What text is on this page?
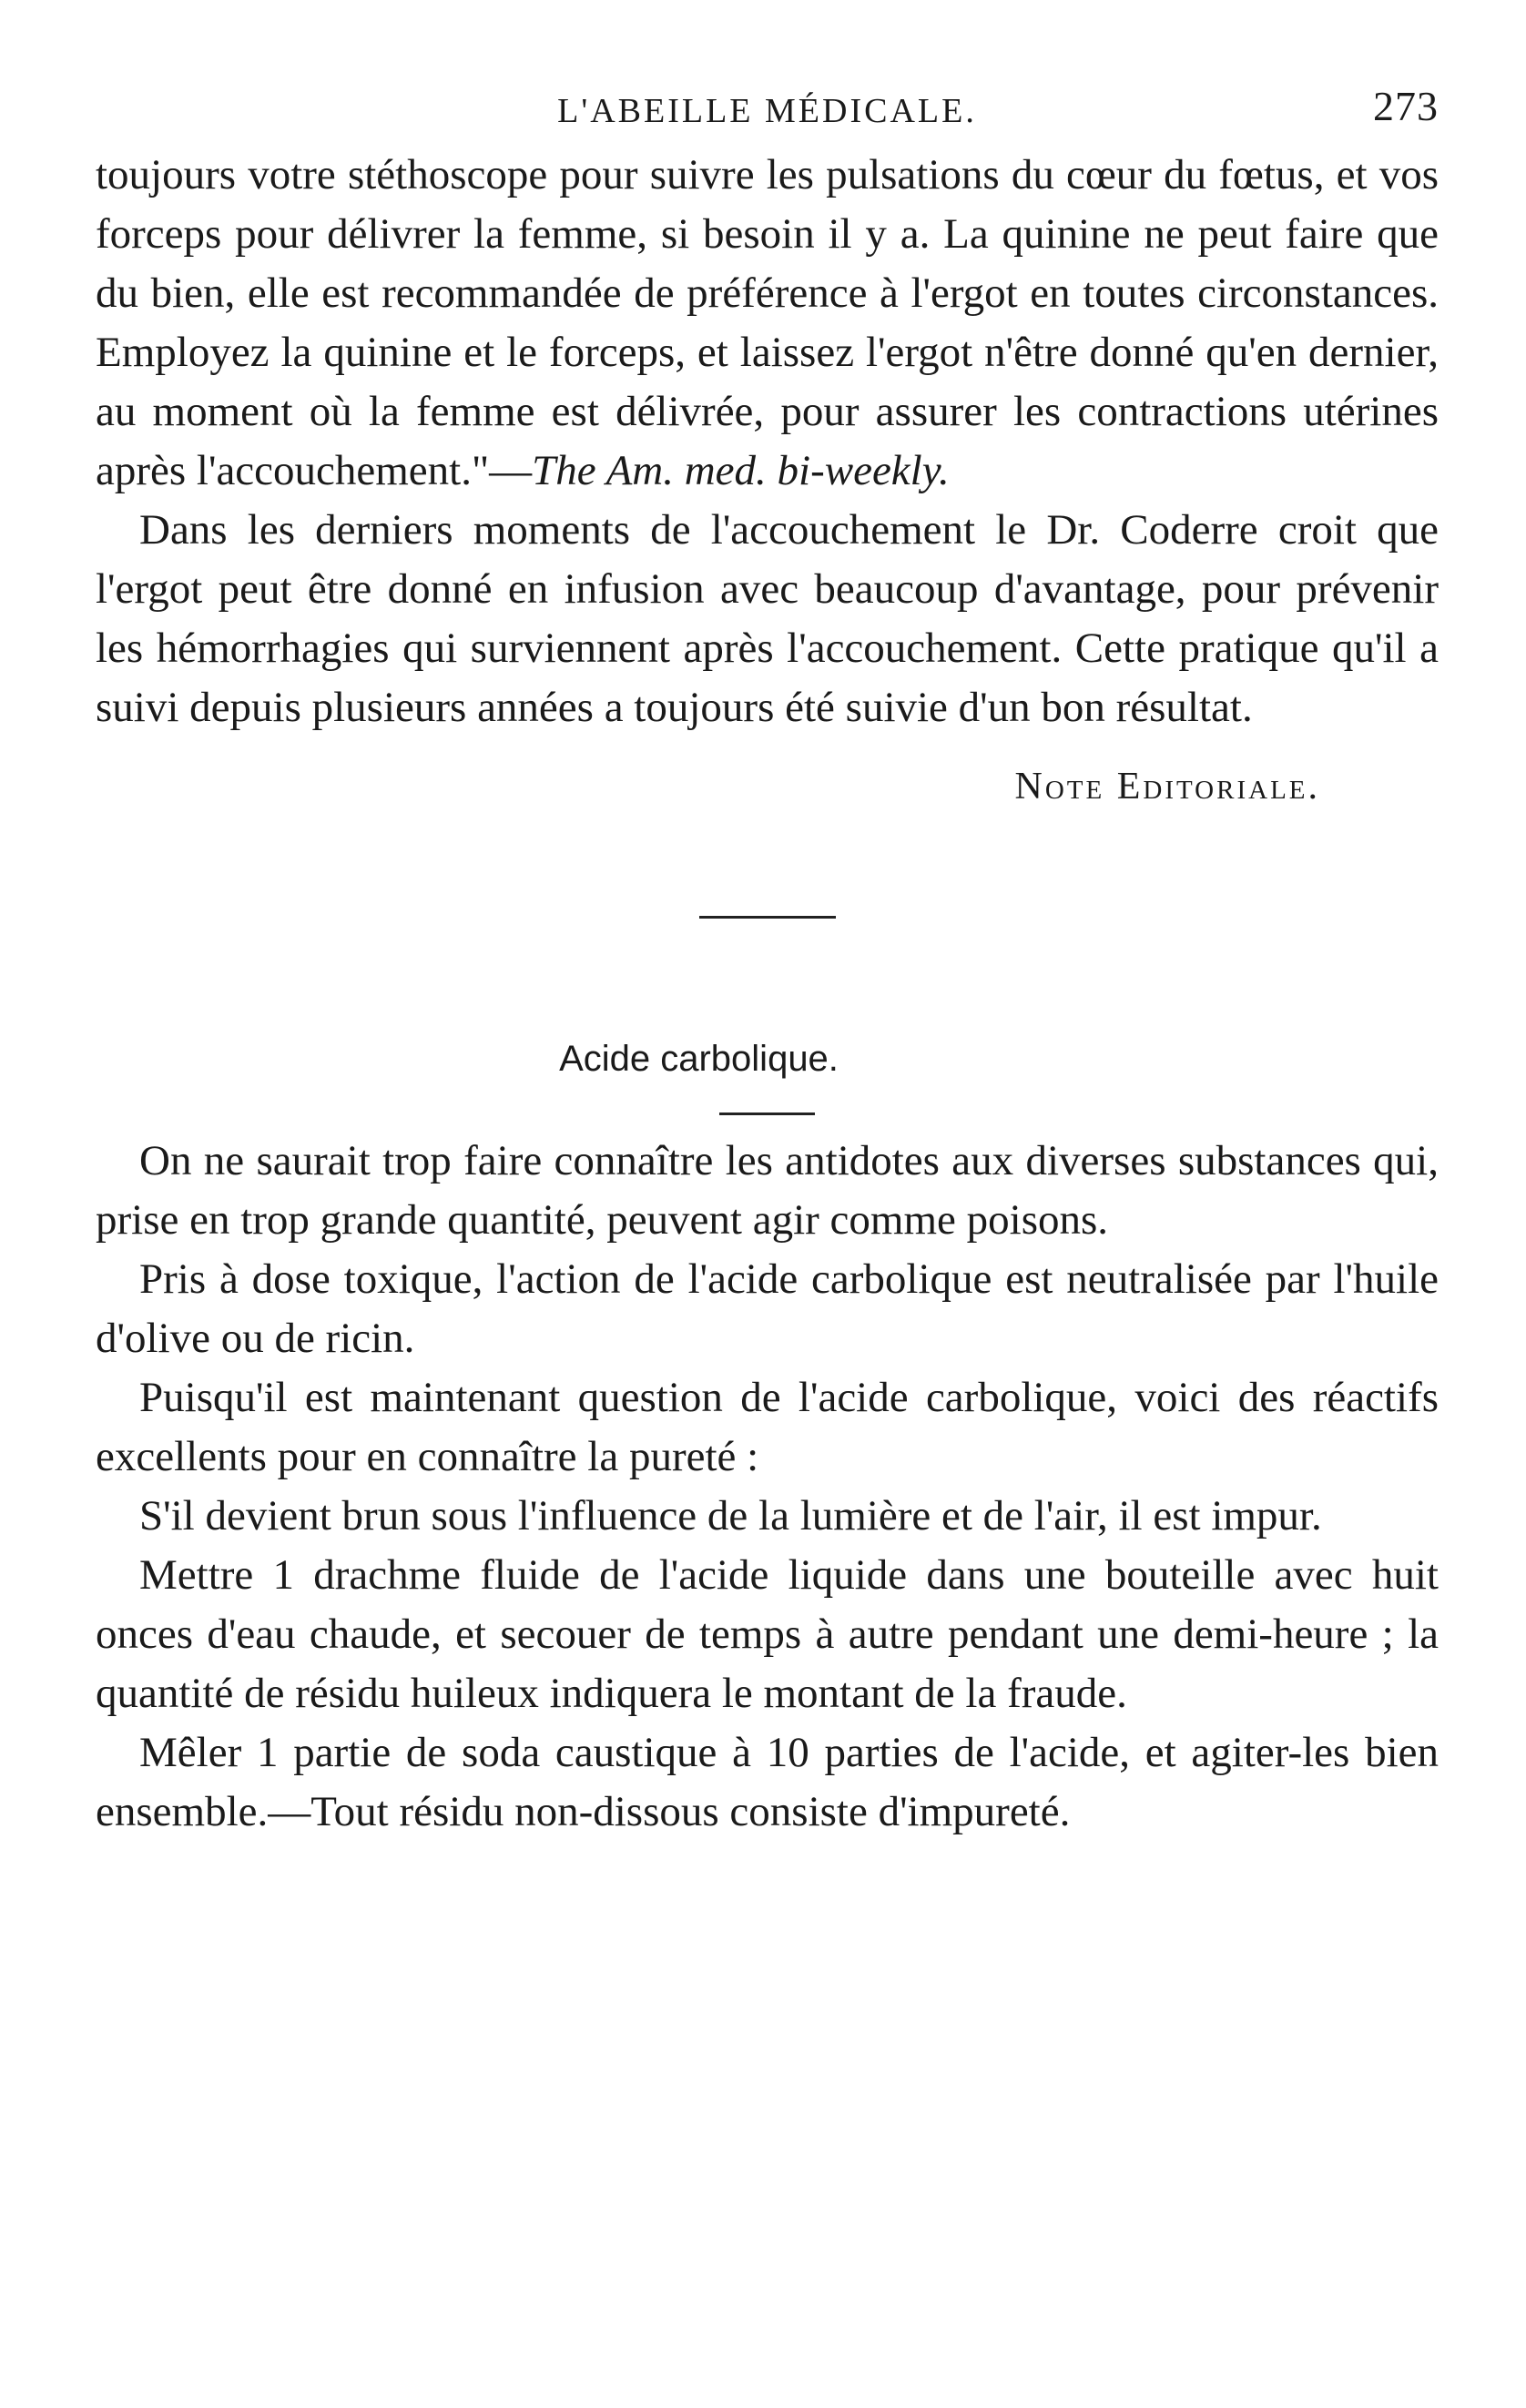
L'ABEILLE MÉDICALE.	273

toujours votre stéthoscope pour suivre les pulsations du cœur du fœtus, et vos forceps pour délivrer la femme, si besoin il y a. La quinine ne peut faire que du bien, elle est recommandée de préférence à l'ergot en toutes circonstances. Employez la quinine et le forceps, et laissez l'ergot n'être donné qu'en dernier, au moment où la femme est délivrée, pour assurer les contractions utérines après l'accouchement."—The Am. med. bi-weekly.

Dans les derniers moments de l'accouchement le Dr. Coderre croit que l'ergot peut être donné en infusion avec beaucoup d'avantage, pour prévenir les hémorrhagies qui surviennent après l'accouchement. Cette pratique qu'il a suivi depuis plusieurs années a toujours été suivie d'un bon résultat.

Note Editoriale.
Acide carbolique.

On ne saurait trop faire connaître les antidotes aux diverses substances qui, prise en trop grande quantité, peuvent agir comme poisons.

Pris à dose toxique, l'action de l'acide carbolique est neutralisée par l'huile d'olive ou de ricin.

Puisqu'il est maintenant question de l'acide carbolique, voici des réactifs excellents pour en connaître la pureté :

S'il devient brun sous l'influence de la lumière et de l'air, il est impur.

Mettre 1 drachme fluide de l'acide liquide dans une bouteille avec huit onces d'eau chaude, et secouer de temps à autre pendant une demi-heure ; la quantité de résidu huileux indiquera le montant de la fraude.

Mêler 1 partie de soda caustique à 10 parties de l'acide, et agiter-les bien ensemble.—Tout résidu non-dissous consiste d'impureté.
